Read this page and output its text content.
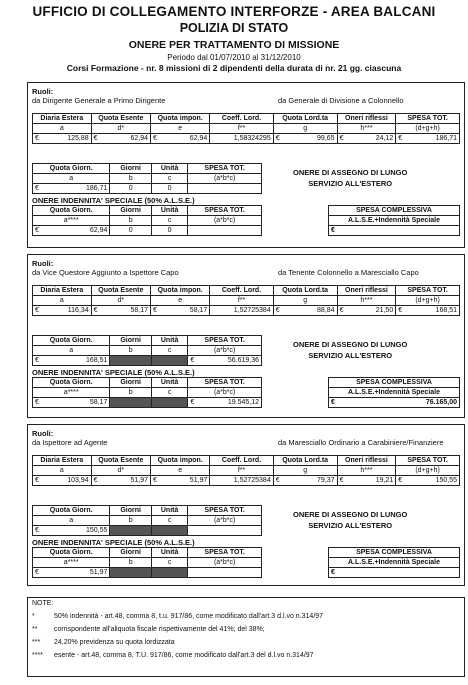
UFFICIO DI COLLEGAMENTO INTERFORZE - AREA BALCANI
POLIZIA DI STATO
ONERE PER TRATTAMENTO DI MISSIONE
Periodo dal 01/07/2010 al 31/12/2010
Corsi Formazione - nr. 8 missioni di 2 dipendenti della durata di nr. 21 gg. ciascuna
Ruoli:
da Dirigente Generale a Primo Dirigente	da Generale di Divisione a Colonnello
Diaria Estera	Quota Esente	Quota impon.	Coeff. Lord.	Quota Lord.ta	Oneri riflessi	SPESA TOT.
a	d*	e	f**	g	h***	(d+g+h)

€ 125,88	€ 62,94	€ 62,94	1,58324295	€ 99,65	€ 24,12	€ 186,71
Quota Giorn.	Giorni	Unità	SPESA TOT.
a	b	c	(a*b*c)

€ 186,71	0	0	
ONERE INDENNITA' SPECIALE (50% A.L.S.E.)
Quota Giorn.	Giorni	Unità	SPESA TOT.
a****	b	c	(a*b*c)

€ 62,94	0	0	
ONERE DI ASSEGNO DI LUNGO
SERVIZIO ALL'ESTERO
SPESA COMPLESSIVA
A.L.S.E.+Indennità Speciale

€
Ruoli:
da Vice Questore Aggiunto a Ispettore Capo	da Tenente Colonnello a Maresciallo Capo
Diaria Estera	Quota Esente	Quota impon.	Coeff. Lord.	Quota Lord.ta	Oneri riflessi	SPESA TOT.
a	d*	e	f**	g	h***	(d+g+h)

€ 116,34	€ 58,17	€ 58,17	1,52725384	€ 88,84	€ 21,50	€ 168,51
Quota Giorn.	Giorni	Unità	SPESA TOT.
a	b	c	(a*b*c)

€ 168,51			€ 56.619,36
ONERE INDENNITA' SPECIALE (50% A.L.S.E.)
Quota Giorn.	Giorni	Unità	SPESA TOT.
a****	b	c	(a*b*c)

€ 58,17			€ 19.545,12
ONERE DI ASSEGNO DI LUNGO
SERVIZIO ALL'ESTERO
SPESA COMPLESSIVA
A.L.S.E.+Indennità Speciale

€	76.165,00
Ruoli:
da Ispettore ad Agente	da Maresciallo Ordinario a Carabiniere/Finanziere
Diaria Estera	Quota Esente	Quota impon.	Coeff. Lord.	Quota Lord.ta	Oneri riflessi	SPESA TOT.
a	d*	e	f**	g	h***	(d+g+h)

€ 103,94	€ 51,97	€ 51,97	1,52725384	€ 79,37	€ 19,21	€ 150,55
Quota Giorn.	Giorni	Unità	SPESA TOT.
a	b	c	(a*b*c)

€ 150,55			
ONERE INDENNITA' SPECIALE (50% A.L.S.E.)
Quota Giorn.	Giorni	Unità	SPESA TOT.
a****	b	c	(a*b*c)

€ 51,97			
ONERE DI ASSEGNO DI LUNGO
SERVIZIO ALL'ESTERO
SPESA COMPLESSIVA
A.L.S.E.+Indennità Speciale

€
NOTE:
*	50% indennità - art.48, comma 8, t.u. 917/86, come modificato dall'art.3 d.l.vo n.314/97
** corrispondente all'aliquota fiscale rispettivamente del 41%; del 38%;
*** 24,20% previdenza su quota lordizzata
**** esente - art.48, comma 8, T.U. 917/86, come modificato dall'art.3 del d.l.vo n.314/97
